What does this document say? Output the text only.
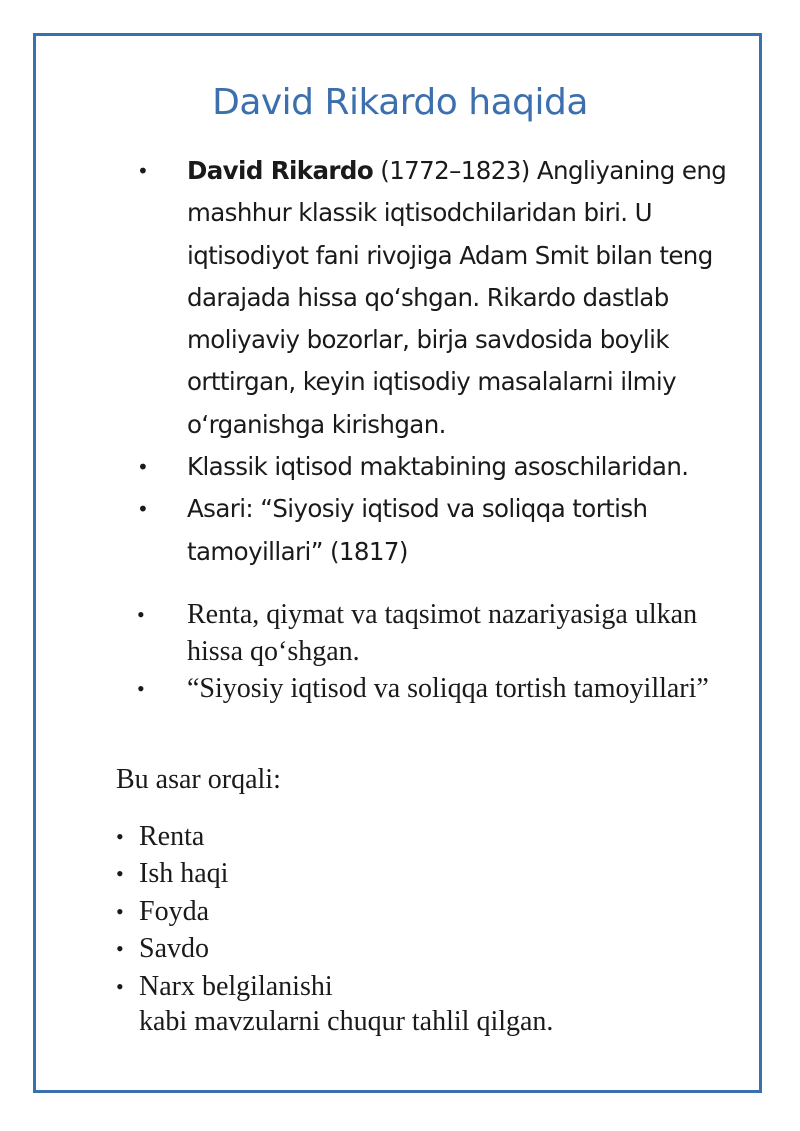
David Rikardo haqida
• David Rikardo (1772–1823) Angliyaning eng mashhur klassik iqtisodchilaridan biri. U iqtisodiyot fani rivojiga Adam Smit bilan teng darajada hissa qo‘shgan. Rikardo dastlab moliyaviy bozorlar, birja savdosida boylik orttirgan, keyin iqtisodiy masalalarni ilmiy o‘rganishga kirishgan.
• Klassik iqtisod maktabining asoschilaridan.
• Asari: “Siyosiy iqtisod va soliqqa tortish tamoyillari” (1817)
• Renta, qiymat va taqsimot nazariyasiga ulkan hissa qo‘shgan.
• “Siyosiy iqtisod va soliqqa tortish tamoyillari”
Bu asar orqali:
• Renta
• Ish haqi
• Foyda
• Savdo
• Narx belgilanishi
kabi mavzularni chuqur tahlil qilgan.
